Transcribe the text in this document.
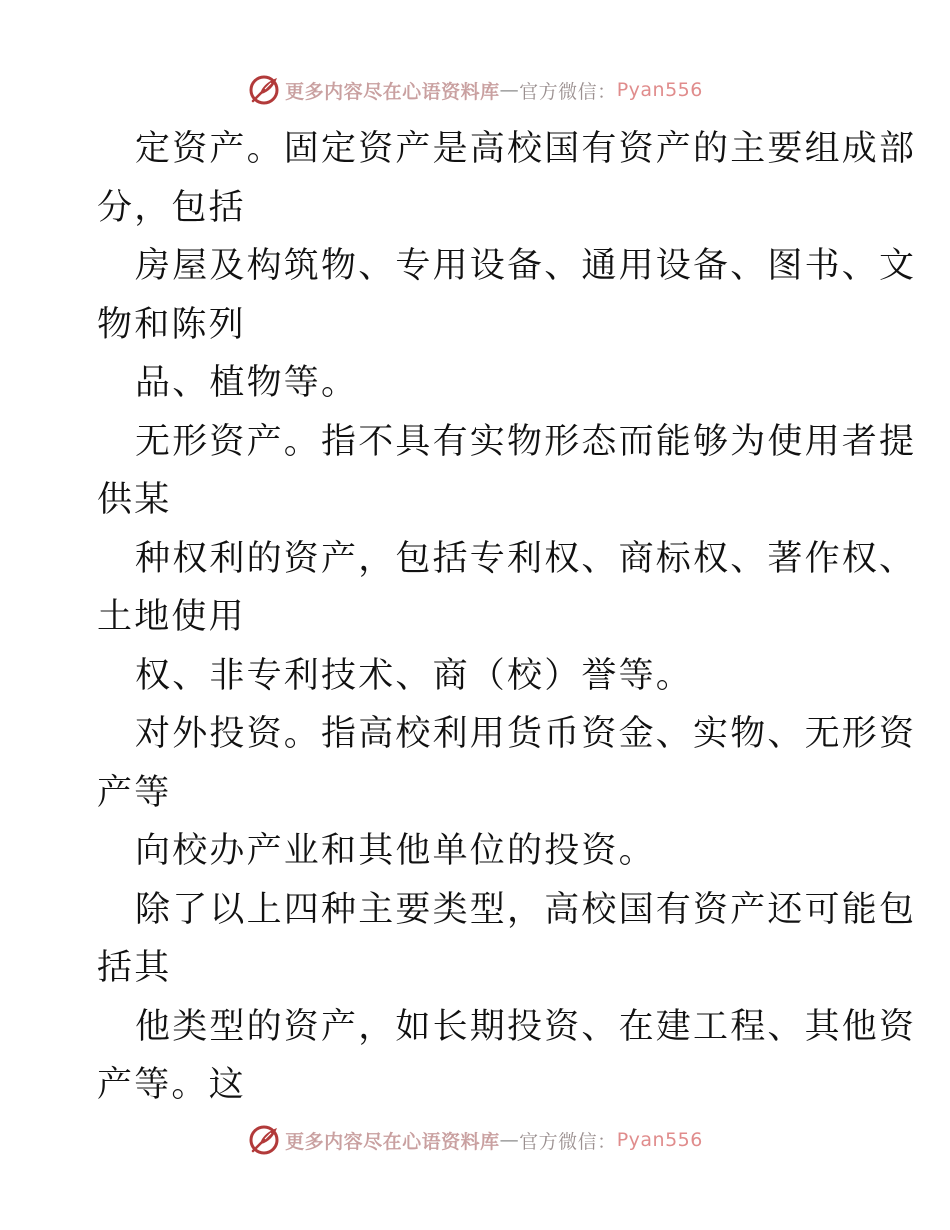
更多内容尽在心语资料库 — 官方微信： Pyan556
定资产。固定资产是高校国有资产的主要组成部
分，包括
房屋及构筑物、专用设备、通用设备、图书、文
物和陈列
品、植物等。
无形资产。指不具有实物形态而能够为使用者提
供某
种权利的资产，包括专利权、商标权、著作权、
土地使用
权、非专利技术、商（校）誉等。
对外投资。指高校利用货币资金、实物、无形资
产等
向校办产业和其他单位的投资。
除了以上四种主要类型，高校国有资产还可能包
括其
他类型的资产，如长期投资、在建工程、其他资
产等。这
更多内容尽在心语资料库 — 官方微信： Pyan556
